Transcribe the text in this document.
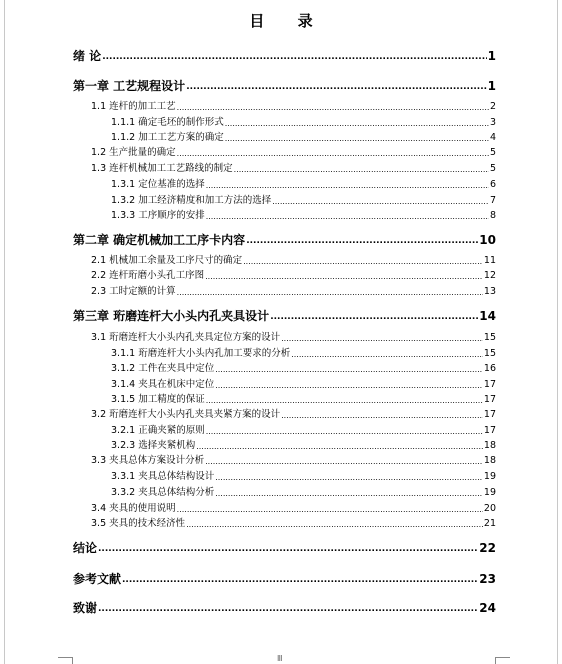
目 录
绪 论 .....	1
第一章 工艺规程设计 .....	1
1.1 连杆的加工工艺 .....	2
1.1.1 确定毛坯的制作形式 .....	3
1.1.2 加工工艺方案的确定 .....	4
1.2 生产批量的确定 .....	5
1.3 连杆机械加工工艺路线的制定 .....	5
1.3.1 定位基准的选择 .....	6
1.3.2 加工经济精度和加工方法的选择 .....	7
1.3.3 工序顺序的安排 .....	8
第二章 确定机械加工工序卡内容 .....	10
2.1 机械加工余量及工序尺寸的确定 .....	11
2.2 连杆珩磨小头孔工序图 .....	12
2.3 工时定额的计算 .....	13
第三章 珩磨连杆大小头内孔夹具设计 .....	14
3.1 珩磨连杆大小头内孔夹具定位方案的设计 .....	15
3.1.1 珩磨连杆大小头内孔加工要求的分析 .....	15
3.1.2 工件在夹具中定位 .....	16
3.1.4 夹具在机床中定位 .....	17
3.1.5 加工精度的保证 .....	17
3.2 珩磨连杆大小头内孔夹具夹紧方案的设计 .....	17
3.2.1 正确夹紧的原则 .....	17
3.2.3 选择夹紧机构 .....	18
3.3 夹具总体方案设计分析 .....	18
3.3.1 夹具总体结构设计 .....	19
3.3.2 夹具总体结构分析 .....	19
3.4 夹具的使用说明 .....	20
3.5 夹具的技术经济性 .....	21
结论 .....	22
参考文献 .....	23
致谢 .....	24
Ⅲ
